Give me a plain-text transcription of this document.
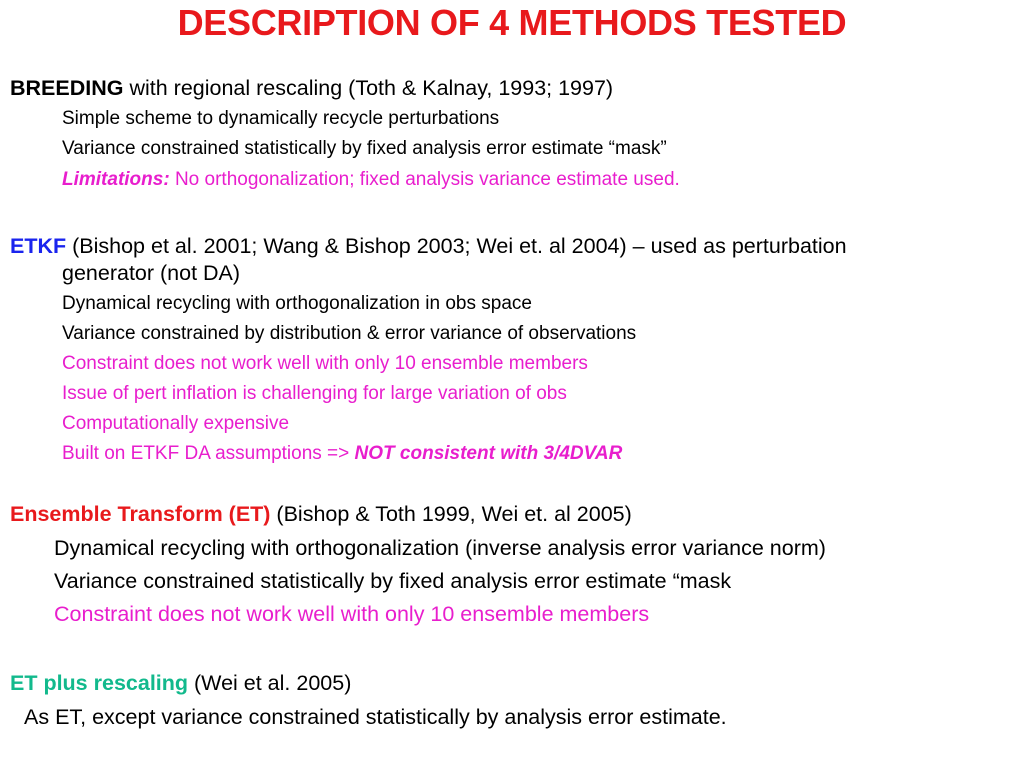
DESCRIPTION OF 4 METHODS TESTED
BREEDING with regional rescaling (Toth & Kalnay, 1993; 1997)
Simple scheme to dynamically recycle perturbations
Variance constrained statistically by fixed analysis error estimate “mask”
Limitations: No orthogonalization; fixed analysis variance estimate used.
ETKF (Bishop et al. 2001; Wang & Bishop 2003; Wei et. al 2004) – used as perturbation
generator (not DA)
Dynamical recycling with orthogonalization in obs space
Variance constrained by distribution & error variance of observations
Constraint does not work well with only 10 ensemble members
Issue of pert inflation is challenging for large variation of obs
Computationally expensive
Built on ETKF DA assumptions => NOT consistent with 3/4DVAR
Ensemble Transform (ET) (Bishop & Toth 1999, Wei et. al 2005)
Dynamical recycling with orthogonalization (inverse analysis error variance norm)
Variance constrained statistically by fixed analysis error estimate “mask
Constraint does not work well with only 10 ensemble members
ET plus rescaling (Wei et al. 2005)
As ET, except variance constrained statistically by analysis error estimate.
